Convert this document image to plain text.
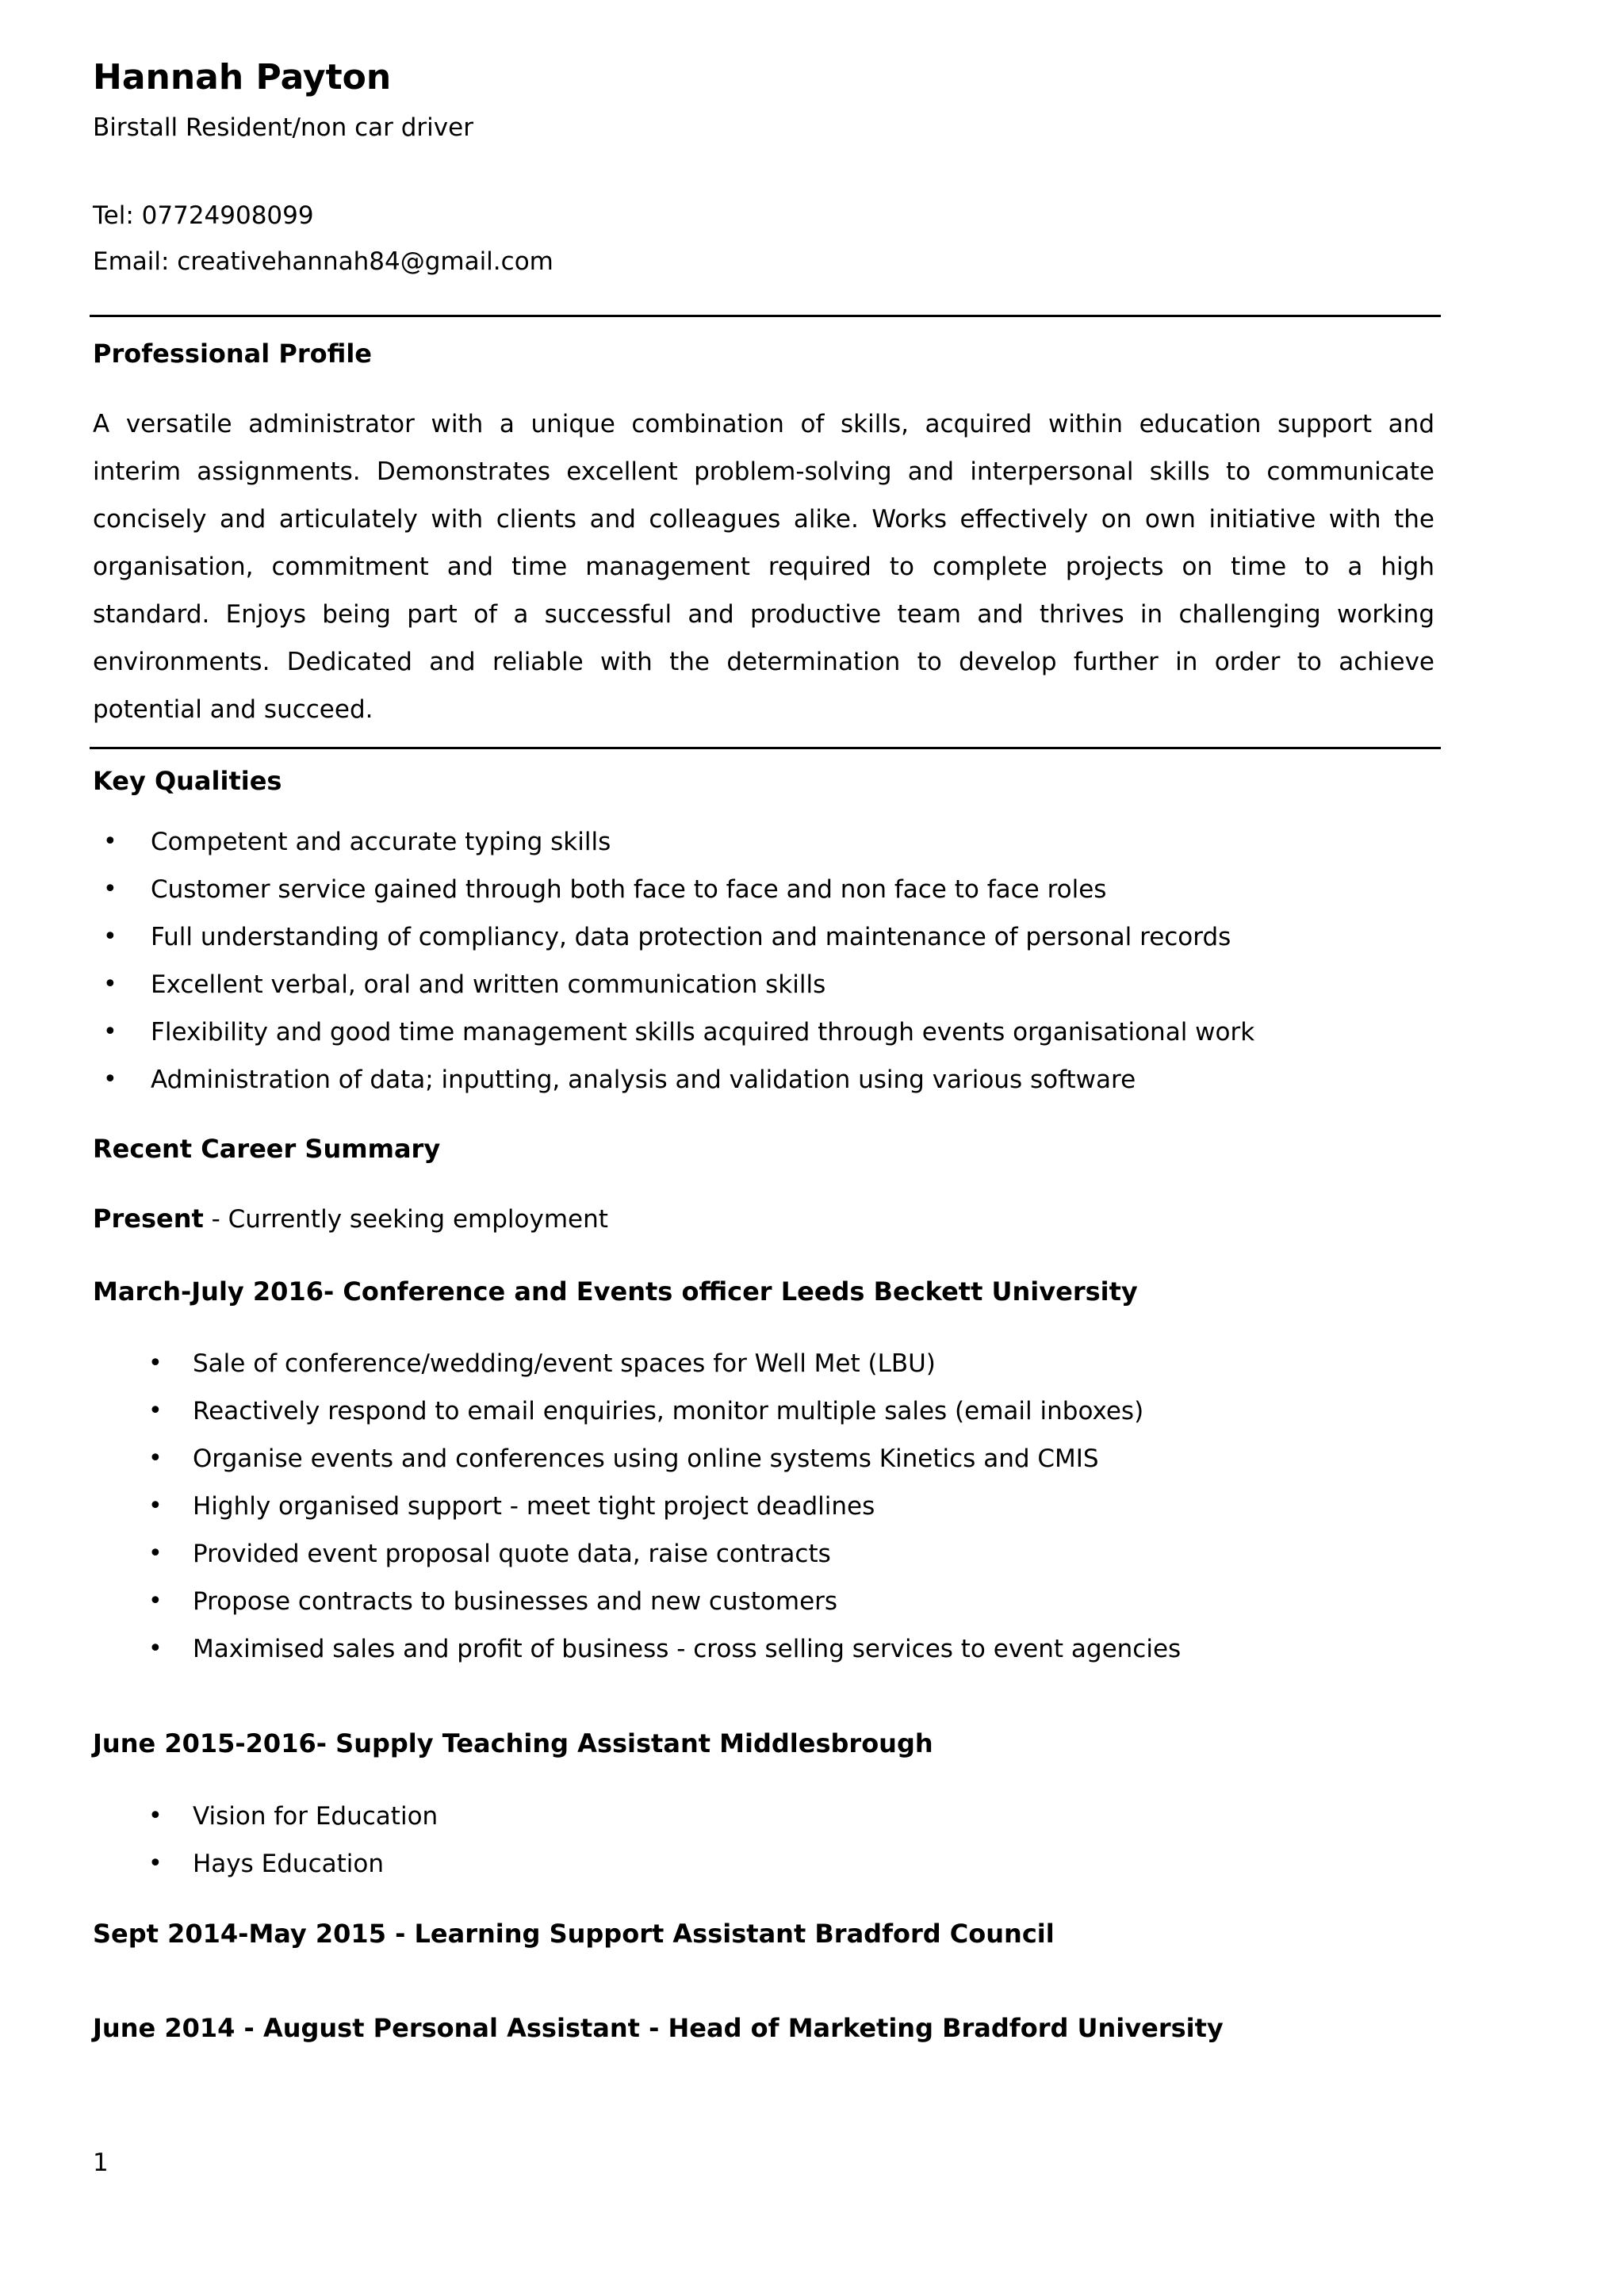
Hannah Payton
Birstall Resident/non car driver
Tel: 07724908099
Email: creativehannah84@gmail.com
Professional Profile
A versatile administrator with a unique combination of skills, acquired within education support and
interim assignments. Demonstrates excellent problem-solving and interpersonal skills to communicate
concisely and articulately with clients and colleagues alike. Works effectively on own initiative with the
organisation, commitment and time management required to complete projects on time to a high
standard. Enjoys being part of a successful and productive team and thrives in challenging working
environments. Dedicated and reliable with the determination to develop further in order to achieve
potential and succeed.
Key Qualities
• Competent and accurate typing skills
• Customer service gained through both face to face and non face to face roles
• Full understanding of compliancy, data protection and maintenance of personal records
• Excellent verbal, oral and written communication skills
• Flexibility and good time management skills acquired through events organisational work
• Administration of data; inputting, analysis and validation using various software
Recent Career Summary
Present - Currently seeking employment
March-July 2016- Conference and Events officer Leeds Beckett University
• Sale of conference/wedding/event spaces for Well Met (LBU)
• Reactively respond to email enquiries, monitor multiple sales (email inboxes)
• Organise events and conferences using online systems Kinetics and CMIS
• Highly organised support - meet tight project deadlines
• Provided event proposal quote data, raise contracts
• Propose contracts to businesses and new customers
• Maximised sales and profit of business - cross selling services to event agencies
June 2015-2016- Supply Teaching Assistant Middlesbrough
• Vision for Education
• Hays Education
Sept 2014-May 2015 - Learning Support Assistant Bradford Council
June 2014 - August Personal Assistant - Head of Marketing Bradford University
1
